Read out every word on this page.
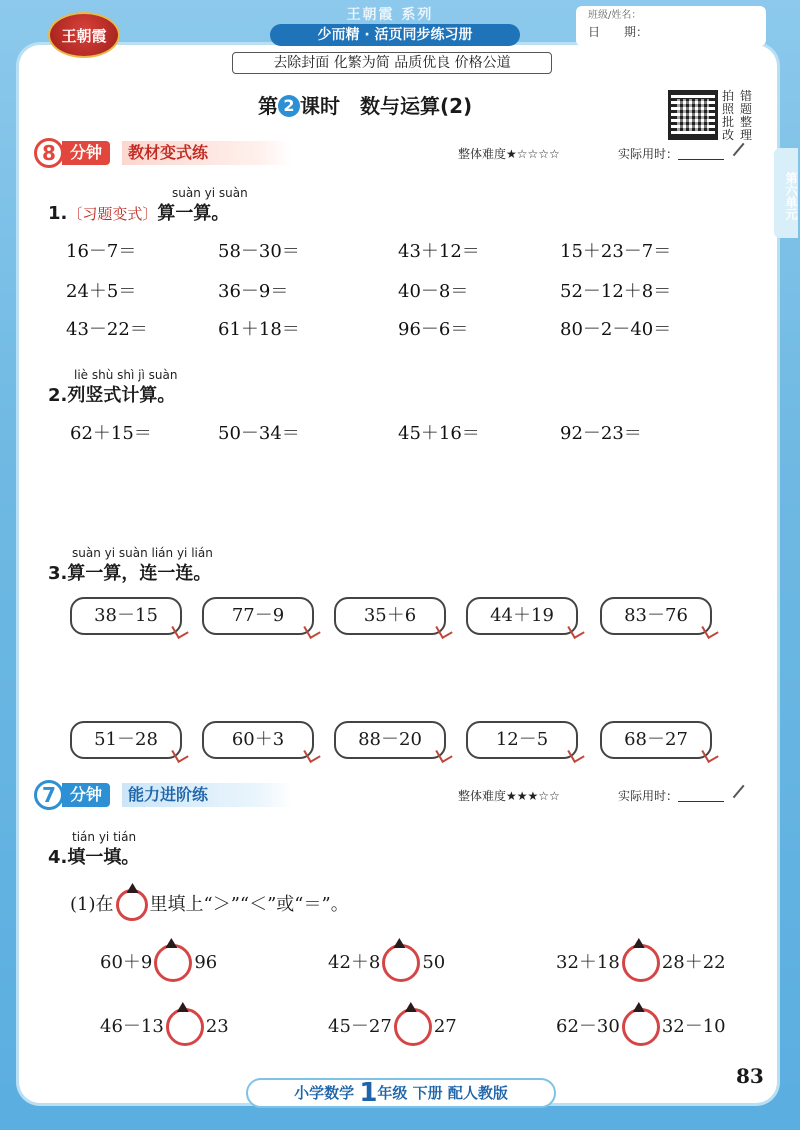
王朝霞
王朝霞 系列
少而精 · 活页同步练习册
去除封面 化繁为简 品质优良 价格公道
班级/姓名：
日　　期：
第 2 课时　数与运算(2)	拍 错
照 题
批 整
改 理
第六单元
8 分钟	教材变式练	整体难度★☆☆☆☆	实际用时：
suàn yi suàn
1.〔习题变式〕算一算。
16－7＝	58－30＝	43＋12＝	15＋23－7＝
24＋5＝	36－9＝	40－8＝	52－12＋8＝
43－22＝	61＋18＝	96－6＝	80－2－40＝
liè shù shì jì suàn
2.列竖式计算。
62＋15＝	50－34＝	45＋16＝	92－23＝
suàn yi suàn lián yi lián
3.算一算，连一连。
38－15	77－9	35＋6	44＋19	83－76
51－28	60＋3	88－20	12－5	68－27
7 分钟	能力进阶练	整体难度★★★☆☆	实际用时：
tián yi tián
4.填一填。
(1)在 里填上“＞”“＜”或“＝”。
60＋9 96	42＋8 50	32＋18 28＋22
46－13 23	45－27 27	62－30 32－10
83
小学数学 1年级 下册 配人教版
